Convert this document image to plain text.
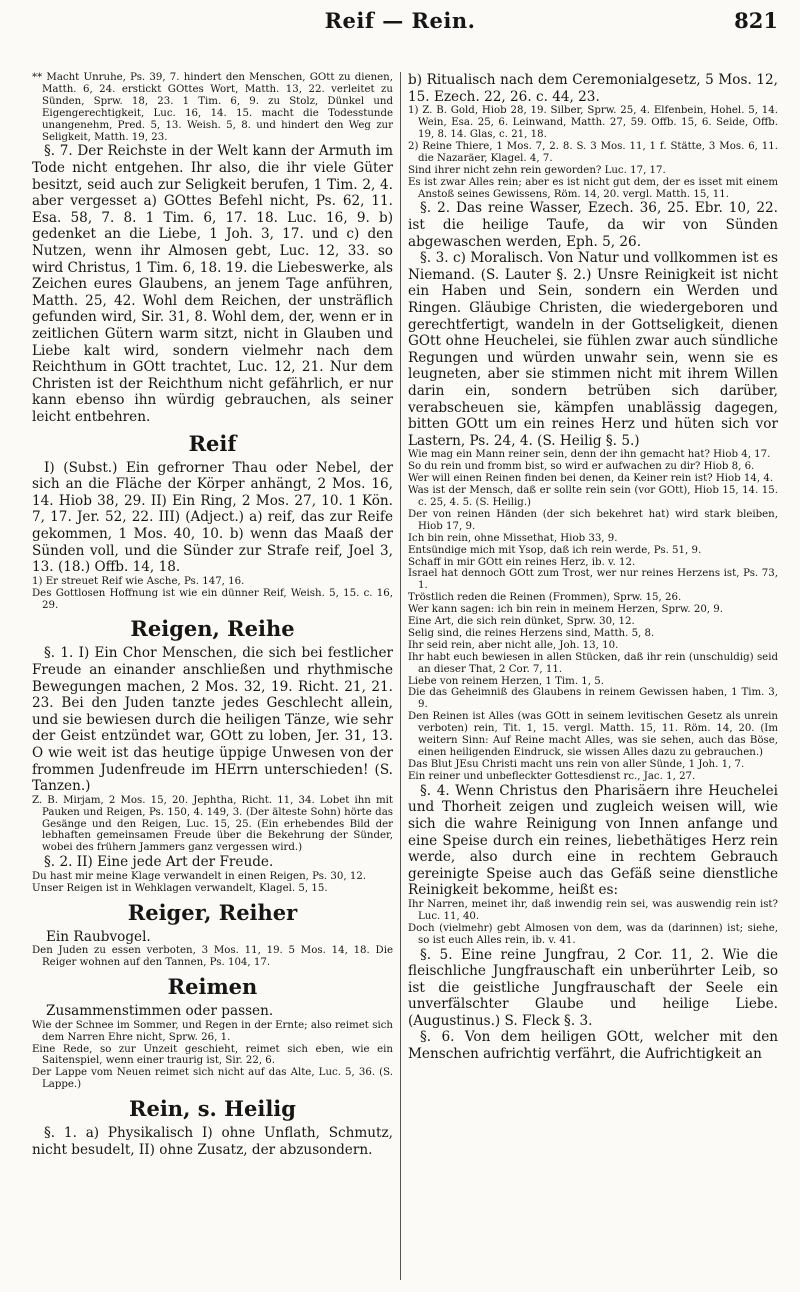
Reif — Rein.	821

** Macht Unruhe, Ps. 39, 7. hindert den Menschen, GOtt zu dienen, Matth. 6, 24. erstickt GOttes Wort, Matth. 13, 22. verleitet zu Sünden, Sprw. 18, 23. 1 Tim. 6, 9. zu Stolz, Dünkel und Eigengerechtigkeit, Luc. 16, 14. 15. macht die Todesstunde unangenehm, Pred. 5, 13. Weish. 5, 8. und hindert den Weg zur Seligkeit, Matth. 19, 23.

§. 7. Der Reichste in der Welt kann der Armuth im Tode nicht entgehen. Ihr also, die ihr viele Güter besitzt, seid auch zur Seligkeit berufen, 1 Tim. 2, 4. aber vergesset a) GOttes Befehl nicht, Ps. 62, 11. Esa. 58, 7. 8. 1 Tim. 6, 17. 18. Luc. 16, 9. b) gedenket an die Liebe, 1 Joh. 3, 17. und c) den Nutzen, wenn ihr Almosen gebt, Luc. 12, 33. so wird Christus, 1 Tim. 6, 18. 19. die Liebeswerke, als Zeichen eures Glaubens, an jenem Tage anführen, Matth. 25, 42. Wohl dem Reichen, der unsträflich gefunden wird, Sir. 31, 8. Wohl dem, der, wenn er in zeitlichen Gütern warm sitzt, nicht in Glauben und Liebe kalt wird, sondern vielmehr nach dem Reichthum in GOtt trachtet, Luc. 12, 21. Nur dem Christen ist der Reichthum nicht gefährlich, er nur kann ebenso ihn würdig gebrauchen, als seiner leicht entbehren.

Reif

I) (Subst.) Ein gefrorner Thau oder Nebel, der sich an die Fläche der Körper anhängt, 2 Mos. 16, 14. Hiob 38, 29. II) Ein Ring, 2 Mos. 27, 10. 1 Kön. 7, 17. Jer. 52, 22. III) (Adject.) a) reif, das zur Reife gekommen, 1 Mos. 40, 10. b) wenn das Maaß der Sünden voll, und die Sünder zur Strafe reif, Joel 3, 13. (18.) Offb. 14, 18.

1) Er streuet Reif wie Asche, Ps. 147, 16.

Des Gottlosen Hoffnung ist wie ein dünner Reif, Weish. 5, 15. c. 16, 29.

Reigen, Reihe

§. 1. I) Ein Chor Menschen, die sich bei festlicher Freude an einander anschließen und rhythmische Bewegungen machen, 2 Mos. 32, 19. Richt. 21, 21. 23. Bei den Juden tanzte jedes Geschlecht allein, und sie bewiesen durch die heiligen Tänze, wie sehr der Geist entzündet war, GOtt zu loben, Jer. 31, 13. O wie weit ist das heutige üppige Unwesen von der frommen Judenfreude im HErrn unterschieden! (S. Tanzen.)

Z. B. Mirjam, 2 Mos. 15, 20. Jephtha, Richt. 11, 34. Lobet ihn mit Pauken und Reigen, Ps. 150, 4. 149, 3. (Der älteste Sohn) hörte das Gesänge und den Reigen, Luc. 15, 25. (Ein erhebendes Bild der lebhaften gemeinsamen Freude über die Bekehrung der Sünder, wobei des frühern Jammers ganz vergessen wird.)

§. 2. II) Eine jede Art der Freude.

Du hast mir meine Klage verwandelt in einen Reigen, Ps. 30, 12.

Unser Reigen ist in Wehklagen verwandelt, Klagel. 5, 15.

Reiger, Reiher

Ein Raubvogel.

Den Juden zu essen verboten, 3 Mos. 11, 19. 5 Mos. 14, 18. Die Reiger wohnen auf den Tannen, Ps. 104, 17.

Reimen

Zusammenstimmen oder passen.

Wie der Schnee im Sommer, und Regen in der Ernte; also reimet sich dem Narren Ehre nicht, Sprw. 26, 1.

Eine Rede, so zur Unzeit geschieht, reimet sich eben, wie ein Saitenspiel, wenn einer traurig ist, Sir. 22, 6.

Der Lappe vom Neuen reimet sich nicht auf das Alte, Luc. 5, 36. (S. Lappe.)

Rein, s. Heilig

§. 1. a) Physikalisch I) ohne Unflath, Schmutz, nicht besudelt, II) ohne Zusatz, der abzusondern.

b) Ritualisch nach dem Ceremonialgesetz, 5 Mos. 12, 15. Ezech. 22, 26. c. 44, 23.

1) Z. B. Gold, Hiob 28, 19. Silber, Sprw. 25, 4. Elfenbein, Hohel. 5, 14. Wein, Esa. 25, 6. Leinwand, Matth. 27, 59. Offb. 15, 6. Seide, Offb. 19, 8. 14. Glas, c. 21, 18.

2) Reine Thiere, 1 Mos. 7, 2. 8. S. 3 Mos. 11, 1 f. Stätte, 3 Mos. 6, 11. die Nazaräer, Klagel. 4, 7.

Sind ihrer nicht zehn rein geworden? Luc. 17, 17.

Es ist zwar Alles rein; aber es ist nicht gut dem, der es isset mit einem Anstoß seines Gewissens, Röm. 14, 20. vergl. Matth. 15, 11.

§. 2. Das reine Wasser, Ezech. 36, 25. Ebr. 10, 22. ist die heilige Taufe, da wir von Sünden abgewaschen werden, Eph. 5, 26.

§. 3. c) Moralisch. Von Natur und vollkommen ist es Niemand. (S. Lauter §. 2.) Unsre Reinigkeit ist nicht ein Haben und Sein, sondern ein Werden und Ringen. Gläubige Christen, die wiedergeboren und gerechtfertigt, wandeln in der Gottseligkeit, dienen GOtt ohne Heuchelei, sie fühlen zwar auch sündliche Regungen und würden unwahr sein, wenn sie es leugneten, aber sie stimmen nicht mit ihrem Willen darin ein, sondern betrüben sich darüber, verabscheuen sie, kämpfen unablässig dagegen, bitten GOtt um ein reines Herz und hüten sich vor Lastern, Ps. 24, 4. (S. Heilig §. 5.)

Wie mag ein Mann reiner sein, denn der ihn gemacht hat? Hiob 4, 17.

So du rein und fromm bist, so wird er aufwachen zu dir? Hiob 8, 6.

Wer will einen Reinen finden bei denen, da Keiner rein ist? Hiob 14, 4.

Was ist der Mensch, daß er sollte rein sein (vor GOtt), Hiob 15, 14. 15. c. 25, 4. 5. (S. Heilig.)

Der von reinen Händen (der sich bekehret hat) wird stark bleiben, Hiob 17, 9.

Ich bin rein, ohne Missethat, Hiob 33, 9.

Entsündige mich mit Ysop, daß ich rein werde, Ps. 51, 9.

Schaff in mir GOtt ein reines Herz, ib. v. 12.

Israel hat dennoch GOtt zum Trost, wer nur reines Herzens ist, Ps. 73, 1.

Tröstlich reden die Reinen (Frommen), Sprw. 15, 26.

Wer kann sagen: ich bin rein in meinem Herzen, Sprw. 20, 9.

Eine Art, die sich rein dünket, Sprw. 30, 12.

Selig sind, die reines Herzens sind, Matth. 5, 8.

Ihr seid rein, aber nicht alle, Joh. 13, 10.

Ihr habt euch bewiesen in allen Stücken, daß ihr rein (unschuldig) seid an dieser That, 2 Cor. 7, 11.

Liebe von reinem Herzen, 1 Tim. 1, 5.

Die das Geheimniß des Glaubens in reinem Gewissen haben, 1 Tim. 3, 9.

Den Reinen ist Alles (was GOtt in seinem levitischen Gesetz als unrein verboten) rein, Tit. 1, 15. vergl. Matth. 15, 11. Röm. 14, 20. (Im weitern Sinn: Auf Reine macht Alles, was sie sehen, auch das Böse, einen heiligenden Eindruck, sie wissen Alles dazu zu gebrauchen.)

Das Blut JEsu Christi macht uns rein von aller Sünde, 1 Joh. 1, 7.

Ein reiner und unbefleckter Gottesdienst rc., Jac. 1, 27.

§. 4. Wenn Christus den Pharisäern ihre Heuchelei und Thorheit zeigen und zugleich weisen will, wie sich die wahre Reinigung von Innen anfange und eine Speise durch ein reines, liebethätiges Herz rein werde, also durch eine in rechtem Gebrauch gereinigte Speise auch das Gefäß seine dienstliche Reinigkeit bekomme, heißt es:

Ihr Narren, meinet ihr, daß inwendig rein sei, was auswendig rein ist? Luc. 11, 40.

Doch (vielmehr) gebt Almosen von dem, was da (darinnen) ist; siehe, so ist euch Alles rein, ib. v. 41.

§. 5. Eine reine Jungfrau, 2 Cor. 11, 2. Wie die fleischliche Jungfrauschaft ein unberührter Leib, so ist die geistliche Jungfrauschaft der Seele ein unverfälschter Glaube und heilige Liebe. (Augustinus.) S. Fleck §. 3.

§. 6. Von dem heiligen GOtt, welcher mit den Menschen aufrichtig verfährt, die Aufrichtigkeit an
